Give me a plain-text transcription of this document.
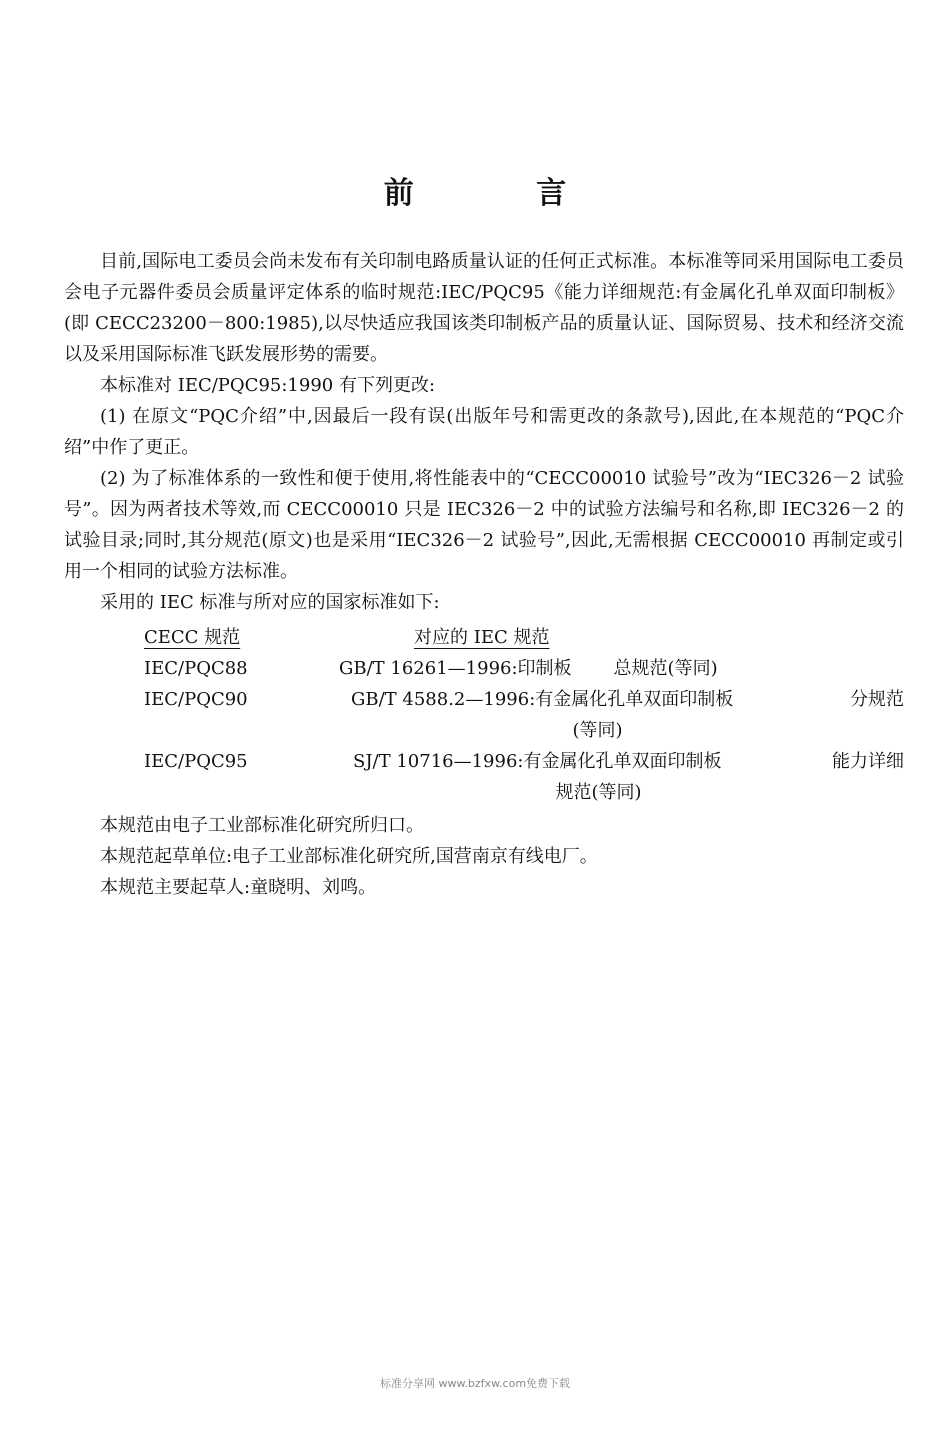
前 言

目前,国际电工委员会尚未发布有关印制电路质量认证的任何正式标准。本标准等同采用国际电工委员会电子元器件委员会质量评定体系的临时规范:IEC/PQC95《能力详细规范:有金属化孔单双面印制板》(即 CECC23200－800:1985),以尽快适应我国该类印制板产品的质量认证、国际贸易、技术和经济交流以及采用国际标准飞跃发展形势的需要。

本标准对 IEC/PQC95:1990 有下列更改:

(1) 在原文“PQC介绍”中,因最后一段有误(出版年号和需更改的条款号),因此,在本规范的“PQC介绍”中作了更正。

(2) 为了标准体系的一致性和便于使用,将性能表中的“CECC00010 试验号”改为“IEC326－2 试验号”。因为两者技术等效,而 CECC00010 只是 IEC326－2 中的试验方法编号和名称,即 IEC326－2 的试验目录;同时,其分规范(原文)也是采用“IEC326－2 试验号”,因此,无需根据 CECC00010 再制定或引用一个相同的试验方法标准。

采用的 IEC 标准与所对应的国家标准如下:

CECC 规范	对应的 IEC 规范
IEC/PQC88	GB/T 16261—1996:印制板 总规范(等同)
IEC/PQC90	GB/T 4588.2—1996:有金属化孔单双面印制板	分规范
(等同)
IEC/PQC95	SJ/T 10716—1996:有金属化孔单双面印制板	能力详细
规范(等同)

本规范由电子工业部标准化研究所归口。

本规范起草单位:电子工业部标准化研究所,国营南京有线电厂。

本规范主要起草人:童晓明、刘鸣。

标准分享网 www.bzfxw.com免费下载
